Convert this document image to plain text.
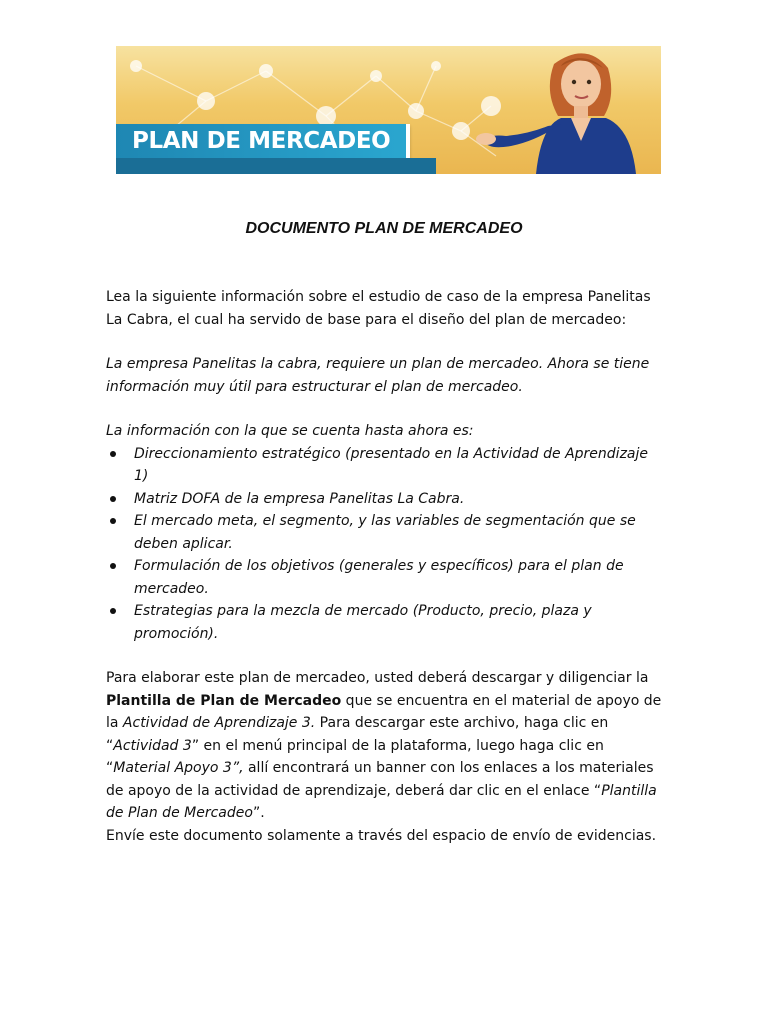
PLAN DE MERCADEO
DOCUMENTO PLAN DE MERCADEO

Lea la siguiente información sobre el estudio de caso de la empresa Panelitas La Cabra, el cual ha servido de base para el diseño del plan de mercadeo:

La empresa Panelitas la cabra, requiere un plan de mercadeo. Ahora se tiene información muy útil para estructurar el plan de mercadeo.

La información con la que se cuenta hasta ahora es:

Direccionamiento estratégico (presentado en la Actividad de Aprendizaje 1)
Matriz DOFA de la empresa Panelitas La Cabra.
El mercado meta, el segmento, y las variables de segmentación que se deben aplicar.
Formulación de los objetivos (generales y específicos) para el plan de mercadeo.
Estrategias para la mezcla de mercado (Producto, precio, plaza y promoción).

Para elaborar este plan de mercadeo, usted deberá descargar y diligenciar la Plantilla de Plan de Mercadeo que se encuentra en el material de apoyo de la Actividad de Aprendizaje 3. Para descargar este archivo, haga clic en “Actividad 3” en el menú principal de la plataforma, luego haga clic en “Material Apoyo 3”, allí encontrará un banner con los enlaces a los materiales de apoyo de la actividad de aprendizaje, deberá dar clic en el enlace “Plantilla de Plan de Mercadeo”.

Envíe este documento solamente a través del espacio de envío de evidencias.
